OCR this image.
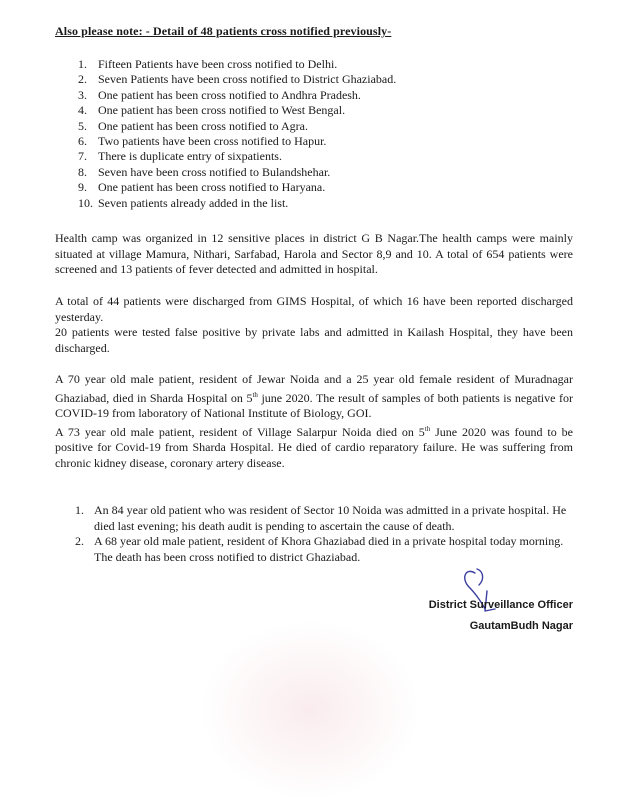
Also please note: - Detail of 48 patients cross notified previously-
1. Fifteen Patients have been cross notified to Delhi.
2. Seven Patients have been cross notified to District Ghaziabad.
3. One patient has been cross notified to Andhra Pradesh.
4. One patient has been cross notified to West Bengal.
5. One patient has been cross notified to Agra.
6. Two patients have been cross notified to Hapur.
7. There is duplicate entry of sixpatients.
8. Seven have been cross notified to Bulandshehar.
9. One patient has been cross notified to Haryana.
10. Seven patients already added in the list.

Health camp was organized in 12 sensitive places in district G B Nagar.The health camps were mainly situated at village Mamura, Nithari, Sarfabad, Harola and Sector 8,9 and 10. A total of 654 patients were screened and 13 patients of fever detected and admitted in hospital.

A total of 44 patients were discharged from GIMS Hospital, of which 16 have been reported discharged yesterday.

20 patients were tested false positive by private labs and admitted in Kailash Hospital, they have been discharged.

A 70 year old male patient, resident of Jewar Noida and a 25 year old female resident of Muradnagar Ghaziabad, died in Sharda Hospital on 5th june 2020. The result of samples of both patients is negative for COVID-19 from laboratory of National Institute of Biology, GOI.

A 73 year old male patient, resident of Village Salarpur Noida died on 5th June 2020 was found to be positive for Covid-19 from Sharda Hospital. He died of cardio reparatory failure. He was suffering from chronic kidney disease, coronary artery disease.

1. An 84 year old patient who was resident of Sector 10 Noida was admitted in a private hospital. He died last evening; his death audit is pending to ascertain the cause of death.
2. A 68 year old male patient, resident of Khora Ghaziabad died in a private hospital today morning. The death has been cross notified to district Ghaziabad.
District Surveillance Officer
GautamBudh Nagar
